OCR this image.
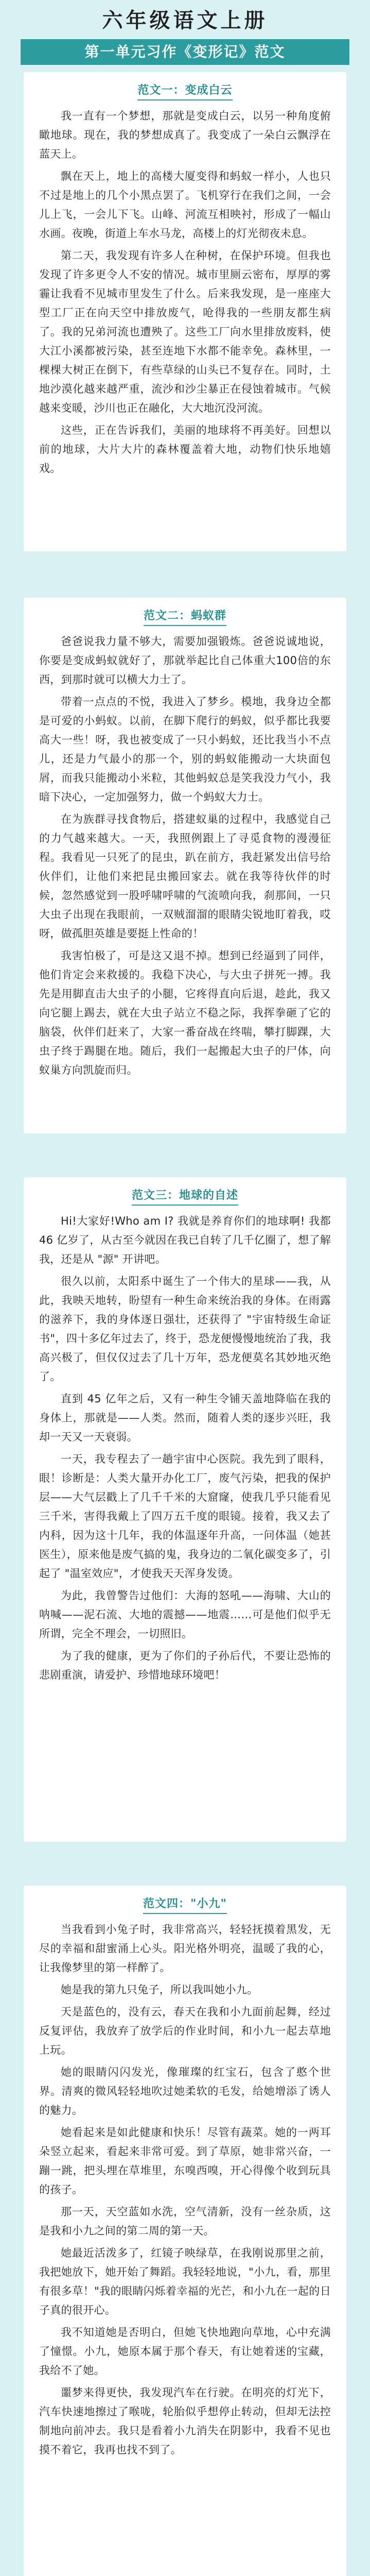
六年级语文上册
第一单元习作《变形记》范文
范文一：变成白云

我一直有一个梦想，那就是变成白云，以另一种角度俯瞰地球。现在，我的梦想成真了。我变成了一朵白云飘浮在蓝天上。

飘在天上，地上的高楼大厦变得和蚂蚁一样小，人也只不过是地上的几个小黑点罢了。飞机穿行在我们之间，一会儿上飞，一会儿下飞。山峰、河流互相映衬，形成了一幅山水画。夜晚，街道上车水马龙，高楼上的灯光彻夜未息。

第二天，我发现有许多人在种树，在保护环境。但我也发现了许多更令人不安的情况。城市里厕云密布，厚厚的雾霾让我看不见城市里发生了什么。后来我发现，是一座座大型工厂正在向天空中排放废气，呛得我的一些朋友都生病了。我的兄弟河流也遭殃了。这些工厂向水里排放废料，使大江小溪都被污染，甚至连地下水都不能幸免。森林里，一棵棵大树正在倒下，有些草绿的山头已不复存在。同时，土地沙漠化越来越严重，流沙和沙尘暴正在侵蚀着城市。气候越来变暖，沙川也正在融化，大大地沉没河流。

这些，正在告诉我们，美丽的地球将不再美好。回想以前的地球，大片大片的森林覆盖着大地，动物们快乐地嬉戏。

范文二：蚂蚁群

爸爸说我力量不够大，需要加强锻炼。爸爸说诚地说，你要是变成蚂蚁就好了，那就举起比自己体重大100倍的东西，到那时就可以横大力士了。

带着一点点的不悦，我进入了梦乡。模地，我身边全都是可爱的小蚂蚁。以前，在脚下爬行的蚂蚁，似乎都比我要高大一些！呀，我也被变成了一只小蚂蚁，还比我当小不点儿，还是力气最小的那一个，别的蚂蚁能搬动一大块面包屑，而我只能搬动小米粒，其他蚂蚁总是笑我没力气小，我暗下决心，一定加强努力，做一个蚂蚁大力士。

在为族群寻找食物后，搭建蚁巢的过程中，我感觉自己的力气越来越大。一天，我照例跟上了寻觅食物的漫漫征程。我看见一只死了的昆虫，趴在前方，我赶紧发出信号给伙伴们，让他们来把昆虫搬回家去。就在我等待伙伴的时候，忽然感觉到一股呼啸呼啸的气流喷向我，刹那间，一只大虫子出现在我眼前，一双贼溜溜的眼睛尖锐地盯着我，哎呀，做孤胆英雄是要挺上性命的！

我害怕极了，可是这又退不掉。想到已经逼到了同伴，他们肯定会来救援的。我稳下决心，与大虫子拼死一搏。我先是用脚直击大虫子的小腿，它疼得直向后退，趁此，我又向它腿上踢去，就在大虫子站立不稳之际，我挥拳砸了它的脑袋，伙伴们赶来了，大家一番奋战在终喘，攀打脚踝，大虫子终于踢腿在地。随后，我们一起搬起大虫子的尸体，向蚁巢方向凯旋而归。

范文三：地球的自述

Hi!大家好!Who am I? 我就是养育你们的地球啊! 我都 46 亿岁了，从古至今就因在我已自转了几千亿圈了，想了解我，还是从 "源" 开讲吧。

很久以前，太阳系中诞生了一个伟大的星球——我，从此，我映天地转，盼望有一种生命来统治我的身体。在雨露的滋养下，我的身体逐日强壮，还获得了 "宇宙特级生命证书"，四十多亿年过去了，终于，恐龙便慢慢地统治了我，我高兴极了，但仅仅过去了几十万年，恐龙便莫名其妙地灭绝了。

直到 45 亿年之后，又有一种生令铺天盖地降临在我的身体上，那就是——人类。然而，随着人类的逐步兴旺，我却一天又一天衰弱。

一天，我专程去了一趟宇宙中心医院。我先到了眼科，眼！诊断是：人类大量开办化工厂，废气污染，把我的保护层——大气层戳上了几千千米的大窟窿，使我几乎只能看见三千米，害得我戴上了四万五千度的眼镜。接着，我又去了内科，因为这十几年，我的体温逐年升高，一问体温（她甚医生），原来他是废气搞的鬼，我身边的二氧化碳变多了，引起了 "温室效应"，才使我天天浑身发烫。

为此，我曾警告过他们：大海的怒吼——海啸、大山的呐喊——泥石流、大地的震撼——地震……可是他们似乎无所谓，完全不理会，一切照旧。

为了我的健康，更为了你们的子孙后代，不要让恐怖的悲剧重演，请爱护、珍惜地球环境吧！

范文四："小九"

当我看到小兔子时，我非常高兴，轻轻抚摸着黑发，无尽的幸福和甜蜜涌上心头。阳光格外明亮，温暖了我的心，让我像梦里的第一样醉了。

她是我的第九只兔子，所以我叫她小九。

天是蓝色的，没有云，春天在我和小九面前起舞，经过反复评估，我放弃了放学后的作业时间，和小九一起去草地上玩。

她的眼睛闪闪发光，像璀璨的红宝石，包含了憨个世界。清爽的微风轻轻地吹过她柔软的毛发，给她增添了诱人的魅力。

她看起来是如此健康和快乐！尽管有蔬菜。她的一两耳朵竖立起来，看起来非常可爱。到了草原，她非常兴奋，一蹦一跳，把头埋在草堆里，东嗅西嗅，开心得像个收到玩具的孩子。

那一天，天空蓝如水洗，空气清新，没有一丝杂质，这是我和小九之间的第二周的第一天。

她最近活泼多了，红镜子映绿草，在我刚说那里之前，我把她放下，她开始了舞蹈。我轻轻地说，"小九，看，那里有很多草！"我的眼睛闪烁着幸福的光芒，和小九在一起的日子真的很开心。

我不知道她是否明白，但她飞快地跑向草地，心中充满了憧憬。小九，她原本属于那个春天，有让她着迷的宝藏，我给不了她。

噩梦来得更快，我发现汽车在行驶。在明亮的灯光下，汽车快速地擦过了喉咙，轮胎似乎想停止转动，但却无法控制地向前冲去。我只是看着小九消失在阴影中，我看不见也摸不着它，我再也找不到了。
